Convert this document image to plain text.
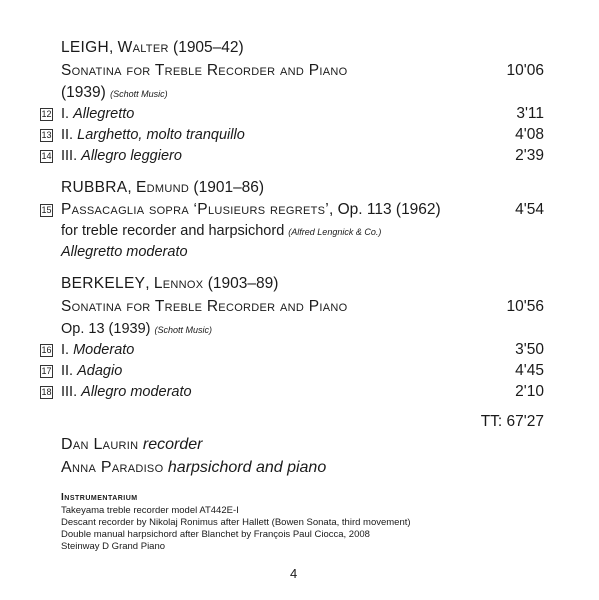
LEIGH, Walter (1905–42)
Sonatina for Treble Recorder and Piano	10'06
(1939) (Schott Music)
12 I. Allegretto	3'11
13 II. Larghetto, molto tranquillo	4'08
14 III. Allegro leggiero	2'39
RUBBRA, Edmund (1901–86)
15 Passacaglia sopra ‘Plusieurs regrets’, Op. 113 (1962)	4'54
for treble recorder and harpsichord (Alfred Lengnick & Co.)
Allegretto moderato
BERKELEY, Lennox (1903–89)
Sonatina for Treble Recorder and Piano	10'56
Op. 13 (1939) (Schott Music)
16 I. Moderato	3'50
17 II. Adagio	4'45
18 III. Allegro moderato	2'10
TT: 67'27
Dan Laurin recorder
Anna Paradiso harpsichord and piano
Instrumentarium
Takeyama treble recorder model AT442E-I
Descant recorder by Nikolaj Ronimus after Hallett (Bowen Sonata, third movement)
Double manual harpsichord after Blanchet by François Paul Ciocca, 2008
Steinway D Grand Piano
4
